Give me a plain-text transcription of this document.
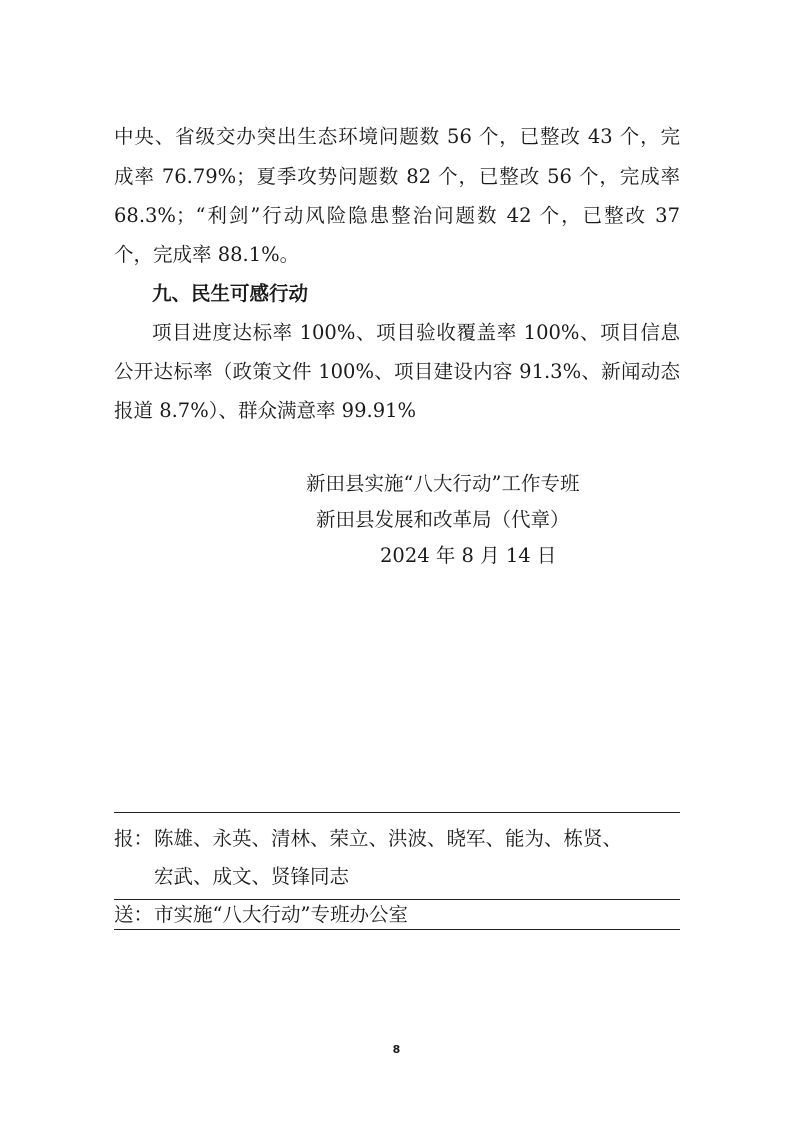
中央、省级交办突出生态环境问题数 56 个，已整改 43 个，完
成率 76.79%；夏季攻势问题数 82 个，已整改 56 个，完成率
68.3%；“利剑”行动风险隐患整治问题数 42 个，已整改 37
个，完成率 88.1%。
九、民生可感行动
项目进度达标率 100%、项目验收覆盖率 100%、项目信息
公开达标率（政策文件 100%、项目建设内容 91.3%、新闻动态
报道 8.7%）、群众满意率 99.91%
新田县实施“八大行动”工作专班
新田县发展和改革局（代章）
2024 年 8 月 14 日
报： 陈雄、永英、清林、荣立、洪波、晓军、能为、栋贤、
宏武、成文、贤锋同志
送： 市实施“八大行动”专班办公室
8
